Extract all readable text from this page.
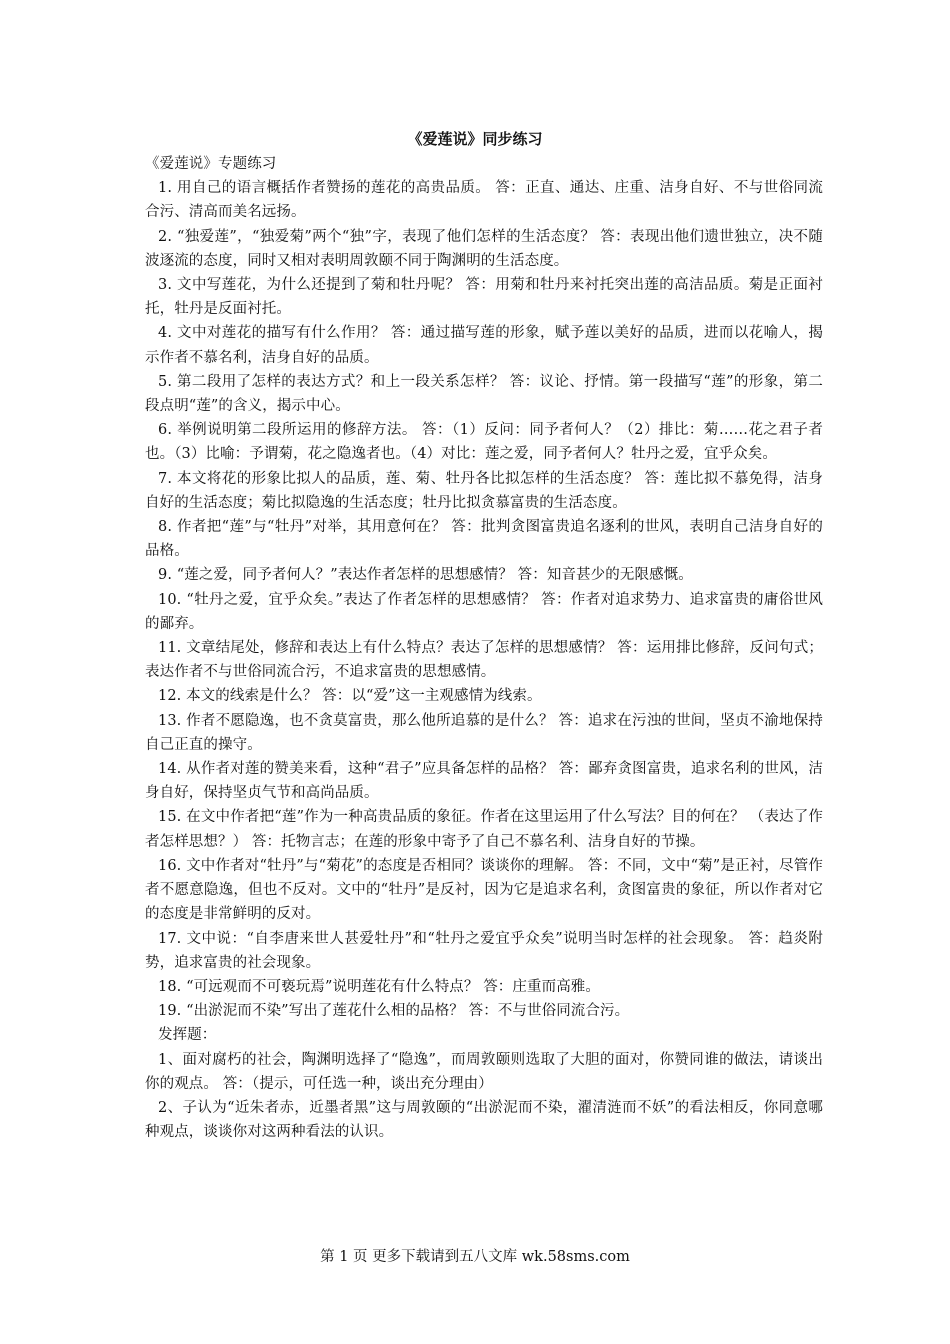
《爱莲说》同步练习

《爱莲说》专题练习

1. 用自己的语言概括作者赞扬的莲花的高贵品质。 答：正直、通达、庄重、洁身自好、不与世俗同流合污、清高而美名远扬。

2. “独爱莲”，“独爱菊”两个“独”字，表现了他们怎样的生活态度？ 答：表现出他们遗世独立，决不随波逐流的态度，同时又相对表明周敦颐不同于陶渊明的生活态度。

3. 文中写莲花，为什么还提到了菊和牡丹呢？ 答：用菊和牡丹来衬托突出莲的高洁品质。菊是正面衬托，牡丹是反面衬托。

4. 文中对莲花的描写有什么作用？ 答：通过描写莲的形象，赋予莲以美好的品质，进而以花喻人，揭示作者不慕名利，洁身自好的品质。

5. 第二段用了怎样的表达方式？和上一段关系怎样？ 答：议论、抒情。第一段描写“莲”的形象，第二段点明“莲”的含义，揭示中心。

6. 举例说明第二段所运用的修辞方法。 答：（1）反问：同予者何人？（2）排比：菊……花之君子者也。（3）比喻：予谓菊，花之隐逸者也。（4）对比：莲之爱，同予者何人？牡丹之爱，宜乎众矣。

7. 本文将花的形象比拟人的品质，莲、菊、牡丹各比拟怎样的生活态度？ 答：莲比拟不慕免得，洁身自好的生活态度；菊比拟隐逸的生活态度；牡丹比拟贪慕富贵的生活态度。

8. 作者把“莲”与“牡丹”对举，其用意何在？ 答：批判贪图富贵追名逐利的世风，表明自己洁身自好的品格。

9. “莲之爱，同予者何人？”表达作者怎样的思想感情？ 答：知音甚少的无限感慨。

10. “牡丹之爱，宜乎众矣。”表达了作者怎样的思想感情？ 答：作者对追求势力、追求富贵的庸俗世风的鄙弃。

11. 文章结尾处，修辞和表达上有什么特点？表达了怎样的思想感情？ 答：运用排比修辞，反问句式；表达作者不与世俗同流合污，不追求富贵的思想感情。

12. 本文的线索是什么？ 答：以“爱”这一主观感情为线索。

13. 作者不愿隐逸，也不贪莫富贵，那么他所追慕的是什么？ 答：追求在污浊的世间，坚贞不渝地保持自己正直的操守。

14. 从作者对莲的赞美来看，这种“君子”应具备怎样的品格？ 答：鄙弃贪图富贵，追求名利的世风，洁身自好，保持坚贞气节和高尚品质。

15. 在文中作者把“莲”作为一种高贵品质的象征。作者在这里运用了什么写法？目的何在？ （表达了作者怎样思想？） 答：托物言志；在莲的形象中寄予了自己不慕名利、洁身自好的节操。

16. 文中作者对“牡丹”与“菊花”的态度是否相同？谈谈你的理解。 答：不同，文中“菊”是正衬，尽管作者不愿意隐逸，但也不反对。文中的“牡丹”是反衬，因为它是追求名利，贪图富贵的象征，所以作者对它的态度是非常鲜明的反对。

17. 文中说：“自李唐来世人甚爱牡丹”和“牡丹之爱宜乎众矣”说明当时怎样的社会现象。 答：趋炎附势，追求富贵的社会现象。

18. “可远观而不可亵玩焉”说明莲花有什么特点？ 答：庄重而高雅。

19. “出淤泥而不染”写出了莲花什么相的品格？ 答：不与世俗同流合污。

发挥题：

1、面对腐朽的社会，陶渊明选择了“隐逸”，而周敦颐则选取了大胆的面对，你赞同谁的做法，请谈出你的观点。 答：（提示，可任选一种，谈出充分理由）

2、子认为“近朱者赤，近墨者黑”这与周敦颐的“出淤泥而不染，濯清涟而不妖”的看法相反，你同意哪种观点，谈谈你对这两种看法的认识。

第 1 页 更多下载请到五八文库 wk.58sms.com
